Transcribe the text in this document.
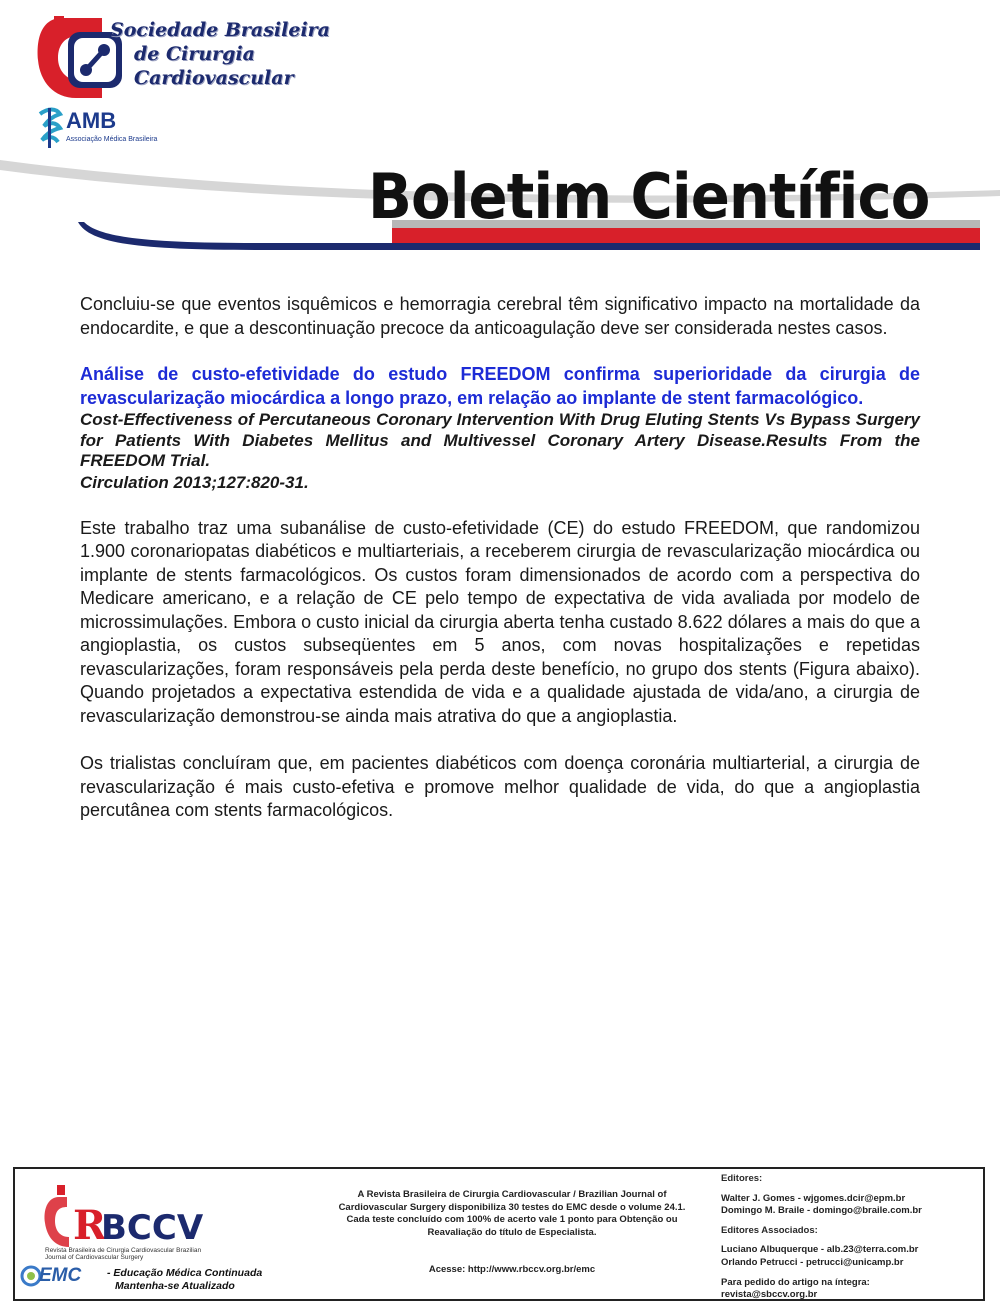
Sociedade Brasileira
de Cirurgia
Cardiovascular
AMB
Associação Médica Brasileira
Boletim Científico

Concluiu-se que eventos isquêmicos e hemorragia cerebral têm significativo impacto na mortalidade da endocardite, e que a descontinuação precoce da anticoagulação deve ser considerada nestes casos.

Análise de custo-efetividade do estudo FREEDOM confirma superioridade da cirurgia de revascularização miocárdica a longo prazo, em relação ao implante de stent farmacológico.

Cost-Effectiveness of Percutaneous Coronary Intervention With Drug Eluting Stents Vs Bypass Surgery for Patients With Diabetes Mellitus and Multivessel Coronary Artery Disease.Results From the FREEDOM Trial.

Circulation 2013;127:820-31.

Este trabalho traz uma subanálise de custo-efetividade (CE) do estudo FREEDOM, que randomizou 1.900 coronariopatas diabéticos e multiarteriais, a receberem cirurgia de revascularização miocárdica ou implante de stents farmacológicos. Os custos foram dimensionados de acordo com a perspectiva do Medicare americano, e a relação de CE pelo tempo de expectativa de vida avaliada por modelo de microssimulações. Embora o custo inicial da cirurgia aberta tenha custado 8.622 dólares a mais do que a angioplastia, os custos subseqüentes em 5 anos, com novas hospitalizações e repetidas revascularizações, foram responsáveis pela perda deste benefício, no grupo dos stents (Figura abaixo). Quando projetados a expectativa estendida de vida e a qualidade ajustada de vida/ano, a cirurgia de revascularização demonstrou-se ainda mais atrativa do que a angioplastia.

Os trialistas concluíram que, em pacientes diabéticos com doença coronária multiarterial, a cirurgia de revascularização é mais custo-efetiva e promove melhor qualidade de vida, do que a angioplastia percutânea com stents farmacológicos.

R
BCCV
Revista Brasileira de Cirurgia Cardiovascular Brazilian Journal of Cardiovascular Surgery
EMC - Educação Médica Continuada
Mantenha-se Atualizado
A Revista Brasileira de Cirurgia Cardiovascular / Brazilian Journal of Cardiovascular Surgery disponibiliza 30 testes do EMC desde o volume 24.1. Cada teste concluído com 100% de acerto vale 1 ponto para Obtenção ou Reavaliação do título de Especialista.
Acesse: http://www.rbccv.org.br/emc
Editores:
Walter J. Gomes - wjgomes.dcir@epm.br
Domingo M. Braile - domingo@braile.com.br
Editores Associados:
Luciano Albuquerque - alb.23@terra.com.br
Orlando Petrucci - petrucci@unicamp.br
Para pedido do artigo na íntegra:
revista@sbccv.org.br
